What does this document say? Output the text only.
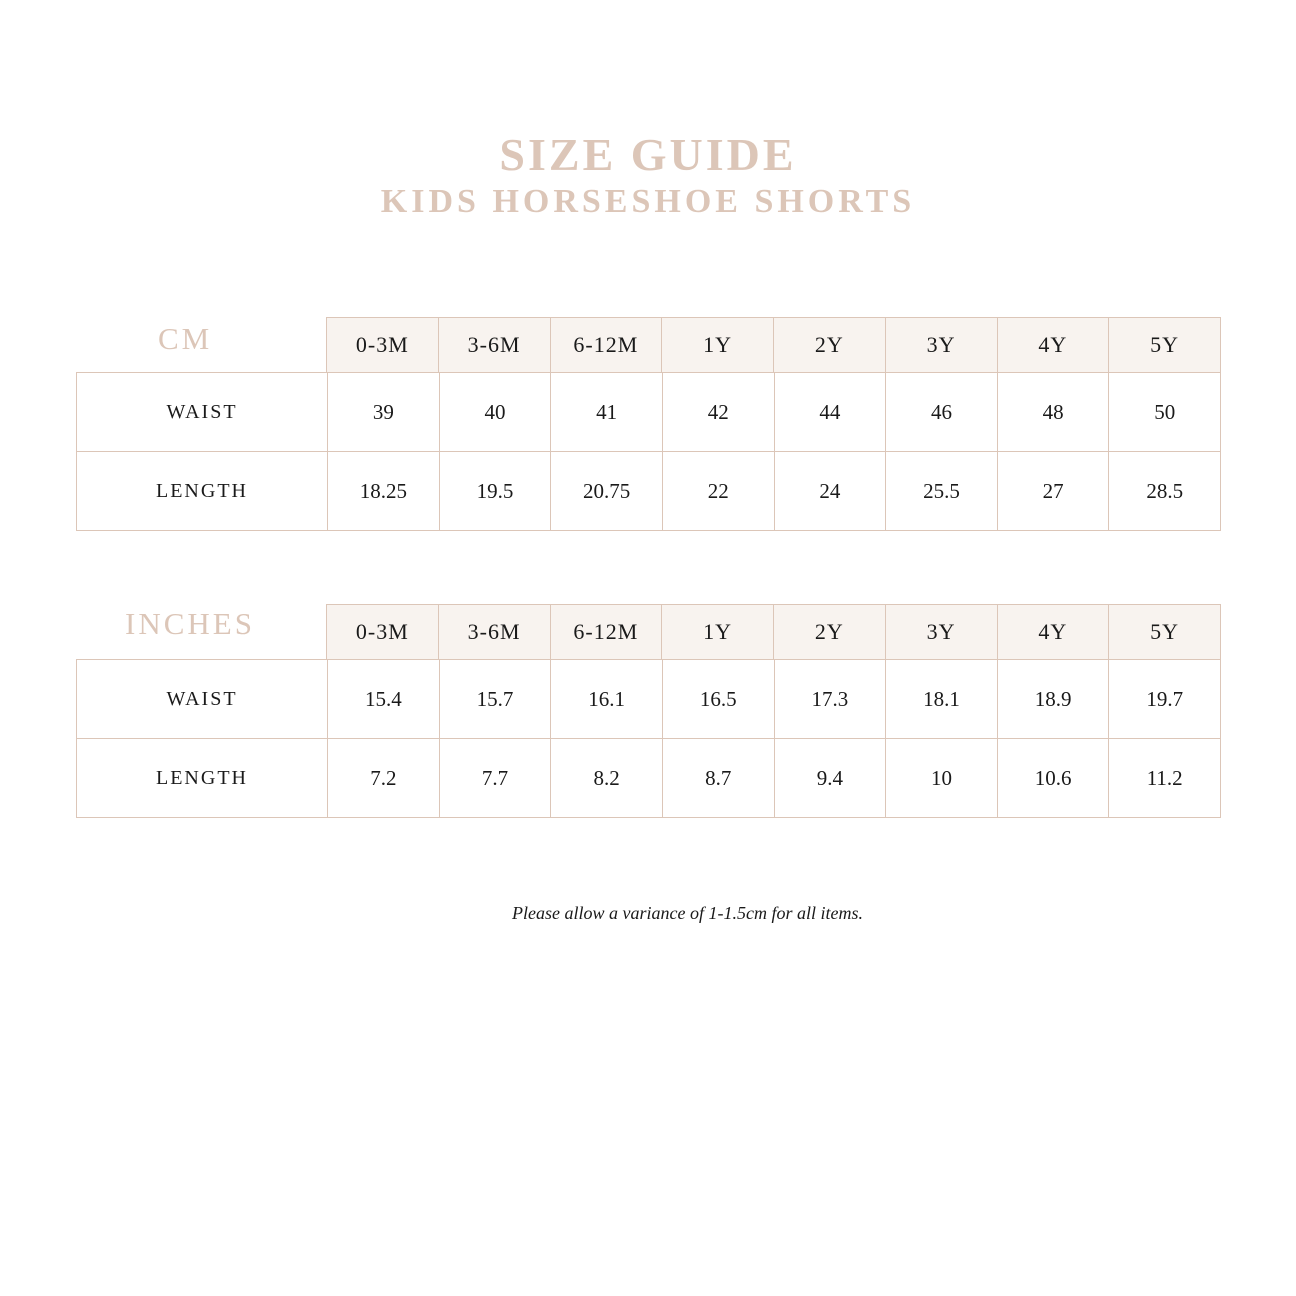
SIZE GUIDE
KIDS HORSESHOE SHORTS
CM	0-3M	3-6M	6-12M	1Y	2Y	3Y	4Y	5Y
WAIST	39	40	41	42	44	46	48	50
LENGTH	18.25	19.5	20.75	22	24	25.5	27	28.5
INCHES	0-3M	3-6M	6-12M	1Y	2Y	3Y	4Y	5Y
WAIST	15.4	15.7	16.1	16.5	17.3	18.1	18.9	19.7
LENGTH	7.2	7.7	8.2	8.7	9.4	10	10.6	11.2

Please allow a variance of 1-1.5cm for all items.
